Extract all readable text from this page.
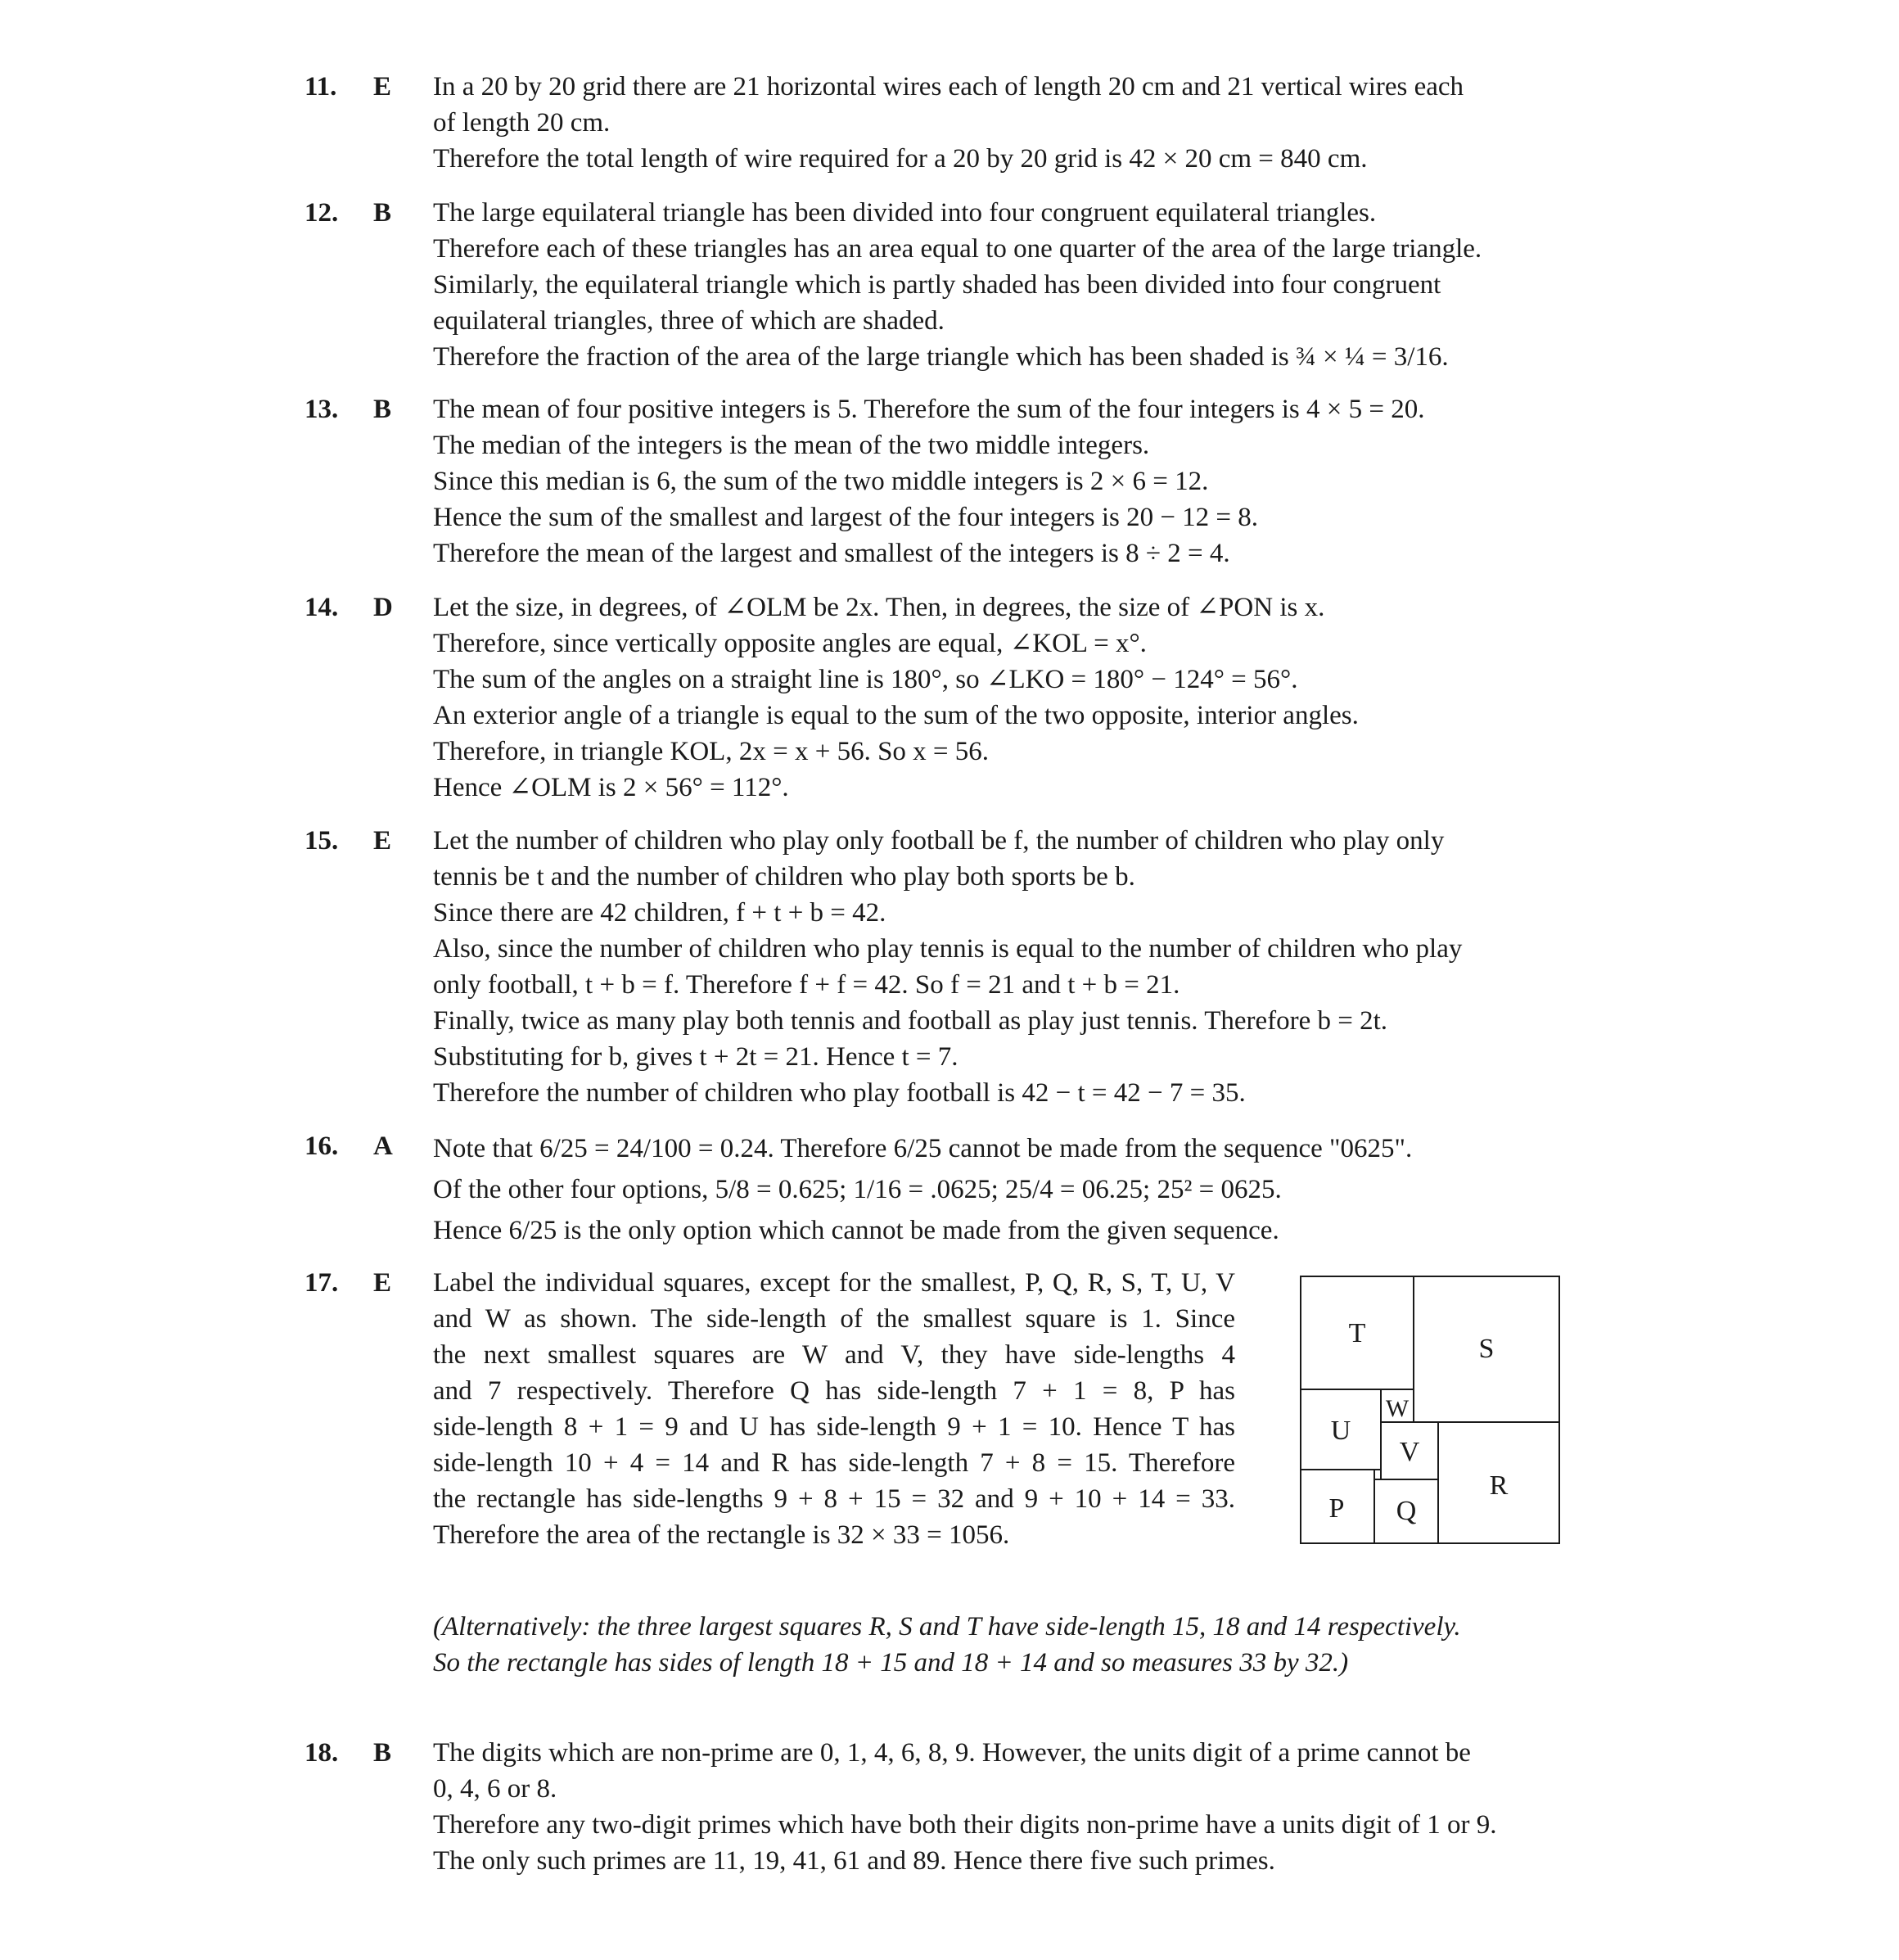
11.	E	In a 20 by 20 grid there are 21 horizontal wires each of length 20 cm and 21 vertical wires each
of length 20 cm.
Therefore the total length of wire required for a 20 by 20 grid is 42 × 20 cm = 840 cm.
12.	B	The large equilateral triangle has been divided into four congruent equilateral triangles.
Therefore each of these triangles has an area equal to one quarter of the area of the large triangle.
Similarly, the equilateral triangle which is partly shaded has been divided into four congruent
equilateral triangles, three of which are shaded.
Therefore the fraction of the area of the large triangle which has been shaded is ¾ × ¼ = 3/16.
13.	B	The mean of four positive integers is 5. Therefore the sum of the four integers is 4 × 5 = 20.
The median of the integers is the mean of the two middle integers.
Since this median is 6, the sum of the two middle integers is 2 × 6 = 12.
Hence the sum of the smallest and largest of the four integers is 20 − 12 = 8.
Therefore the mean of the largest and smallest of the integers is 8 ÷ 2 = 4.
14.	D	Let the size, in degrees, of ∠OLM be 2x. Then, in degrees, the size of ∠PON is x.
Therefore, since vertically opposite angles are equal, ∠KOL = x°.
The sum of the angles on a straight line is 180°, so ∠LKO = 180° − 124° = 56°.
An exterior angle of a triangle is equal to the sum of the two opposite, interior angles.
Therefore, in triangle KOL, 2x = x + 56. So x = 56.
Hence ∠OLM is 2 × 56° = 112°.
15.	E	Let the number of children who play only football be f, the number of children who play only
tennis be t and the number of children who play both sports be b.
Since there are 42 children, f + t + b = 42.
Also, since the number of children who play tennis is equal to the number of children who play
only football, t + b = f. Therefore f + f = 42. So f = 21 and t + b = 21.
Finally, twice as many play both tennis and football as play just tennis. Therefore b = 2t.
Substituting for b, gives t + 2t = 21. Hence t = 7.
Therefore the number of children who play football is 42 − t = 42 − 7 = 35.
16.	A	Note that 6/25 = 24/100 = 0.24. Therefore 6/25 cannot be made from the sequence "0625".
Of the other four options, 5/8 = 0.625; 1/16 = .0625; 25/4 = 06.25; 25² = 0625.
Hence 6/25 is the only option which cannot be made from the given sequence.
17.	E	Label the individual squares, except for the smallest, P, Q, R, S, T, U, V
and W as shown. The side-length of the smallest square is 1. Since
the next smallest squares are W and V, they have side-lengths 4
and 7 respectively. Therefore Q has side-length 7 + 1 = 8, P has
side-length 8 + 1 = 9 and U has side-length 9 + 1 = 10. Hence T has
side-length 10 + 4 = 14 and R has side-length 7 + 8 = 15. Therefore
the rectangle has side-lengths 9 + 8 + 15 = 32 and 9 + 10 + 14 = 33.
Therefore the area of the rectangle is 32 × 33 = 1056.
T
S
W
U
V
R
P Q
(Alternatively: the three largest squares R, S and T have side-length 15, 18 and 14 respectively.
So the rectangle has sides of length 18 + 15 and 18 + 14 and so measures 33 by 32.)
18.	B	The digits which are non-prime are 0, 1, 4, 6, 8, 9. However, the units digit of a prime cannot be
0, 4, 6 or 8.
Therefore any two-digit primes which have both their digits non-prime have a units digit of 1 or 9.
The only such primes are 11, 19, 41, 61 and 89. Hence there five such primes.
